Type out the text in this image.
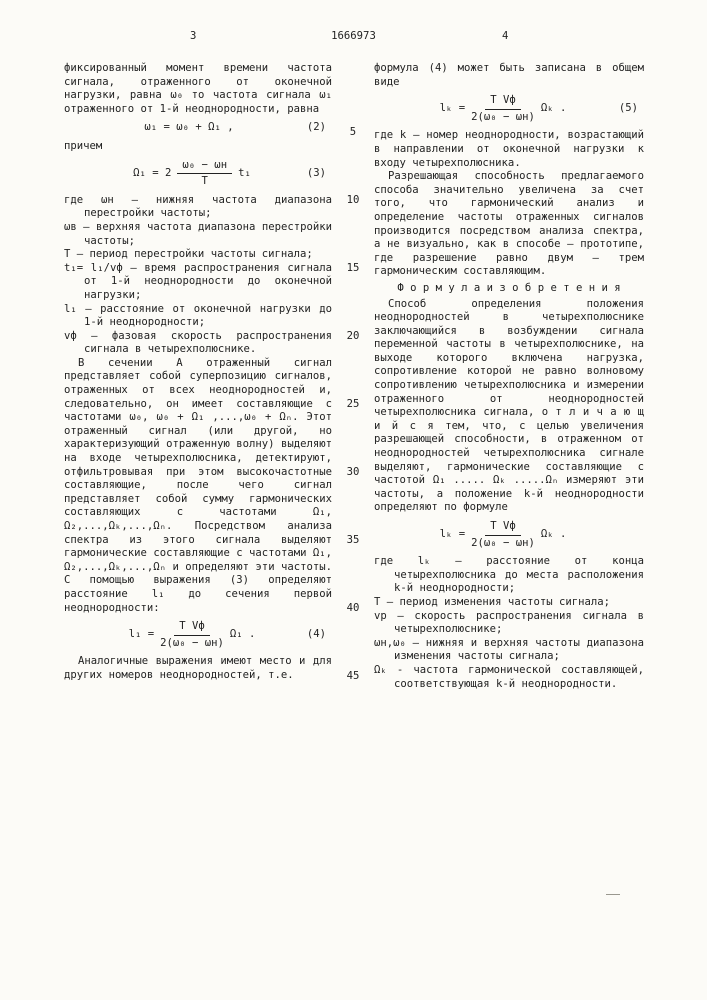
3	1666973	4
5
10
15
20
25
30
35
40
45

фиксированный момент времени частота сигнала, отраженного от оконечной нагрузки, равна ω₀ то частота сигнала ω₁ отраженного от 1-й неоднородности, равна

ω₁ = ω₀ + Ω₁ ,	(2)

причем

$\Omega_1 = 2 \frac{\text{ω₀ − ωн}}{T} t_1$	(3)
где ωн – нижняя частота диапазона перестройки частоты;
ωв – верхняя частота диапазона перестройки частоты;
T – период перестройки частоты сигнала;
t₁= l₁/vф – время распространения сигнала от 1-й неоднородности до оконечной нагрузки;
l₁ – расстояние от оконечной нагрузки до 1-й неоднородности;
vф – фазовая скорость распространения сигнала в четырехполюснике.

В сечении А отраженный сигнал представляет собой суперпозицию сигналов, отраженных от всех неоднородностей и, следовательно, он имеет составляющие с частотами ω₀, ω₀ + Ω₁ ,...,ω₀ + Ωₙ. Этот отраженный сигнал (или другой, но характеризующий отраженную волну) выделяют на входе четырехполюсника, детектируют, отфильтровывая при этом высокочастотные составляющие, после чего сигнал представляет собой сумму гармонических составляющих с частотами Ω₁, Ω₂,...,Ωₖ,...,Ωₙ. Посредством анализа спектра из этого сигнала выделяют гармонические составляющие с частотами Ω₁, Ω₂,...,Ωₖ,...,Ωₙ и определяют эти частоты. С помощью выражения (3) определяют расстояние l₁ до сечения первой неоднородности:

$l_1 = \frac{\text{T Vф}}{\text{2(ω₀ − ωн)}} \Omega_1$ .	(4)

Аналогичные выражения имеют место и для других номеров неоднородностей, т.е.

формула (4) может быть записана в общем виде

$l_k = \frac{\text{T Vф}}{\text{2(ω₀ − ωн)}}$ Ωₖ .	(5)

где k – номер неоднородности, возрастающий в направлении от оконечной нагрузки к входу четырехполюсника.

Разрешающая способность предлагаемого способа значительно увеличена за счет того, что гармонический анализ и определение частоты отраженных сигналов производится посредством анализа спектра, а не визуально, как в способе – прототипе, где разрешение равно двум – трем гармоническим составляющим.

Ф о р м у л а и з о б р е т е н и я

Способ определения положения неоднородностей в четырехполюснике заключающийся в возбуждении сигнала переменной частоты в четырехполюснике, на выходе которого включена нагрузка, сопротивление которой не равно волновому сопротивлению четырехполюсника и измерении отраженного от неоднородностей четырехполюсника сигнала, о т л и ч а ю щ и й с я тем, что, с целью увеличения разрешающей способности, в отраженном от неоднородностей четырехполюсника сигнале выделяют, гармонические составляющие с частотой Ω₁ ..... Ωₖ .....Ωₙ измеряют эти частоты, а положение k-й неоднородности определяют по формуле

$l_k = \frac{\text{T Vф}}{\text{2(ω₀ − ωн)}}$ Ωₖ .
где lₖ – расстояние от конца четырехполюсника до места расположения k-й неоднородности;
T – период изменения частоты сигнала;
vр – скорость распространения сигнала в четырехполюснике;
ωн,ω₀ – нижняя и верхняя частоты диапазона изменения частоты сигнала;
Ωₖ - частота гармонической составляющей, соответствующая k-й неоднородности.
